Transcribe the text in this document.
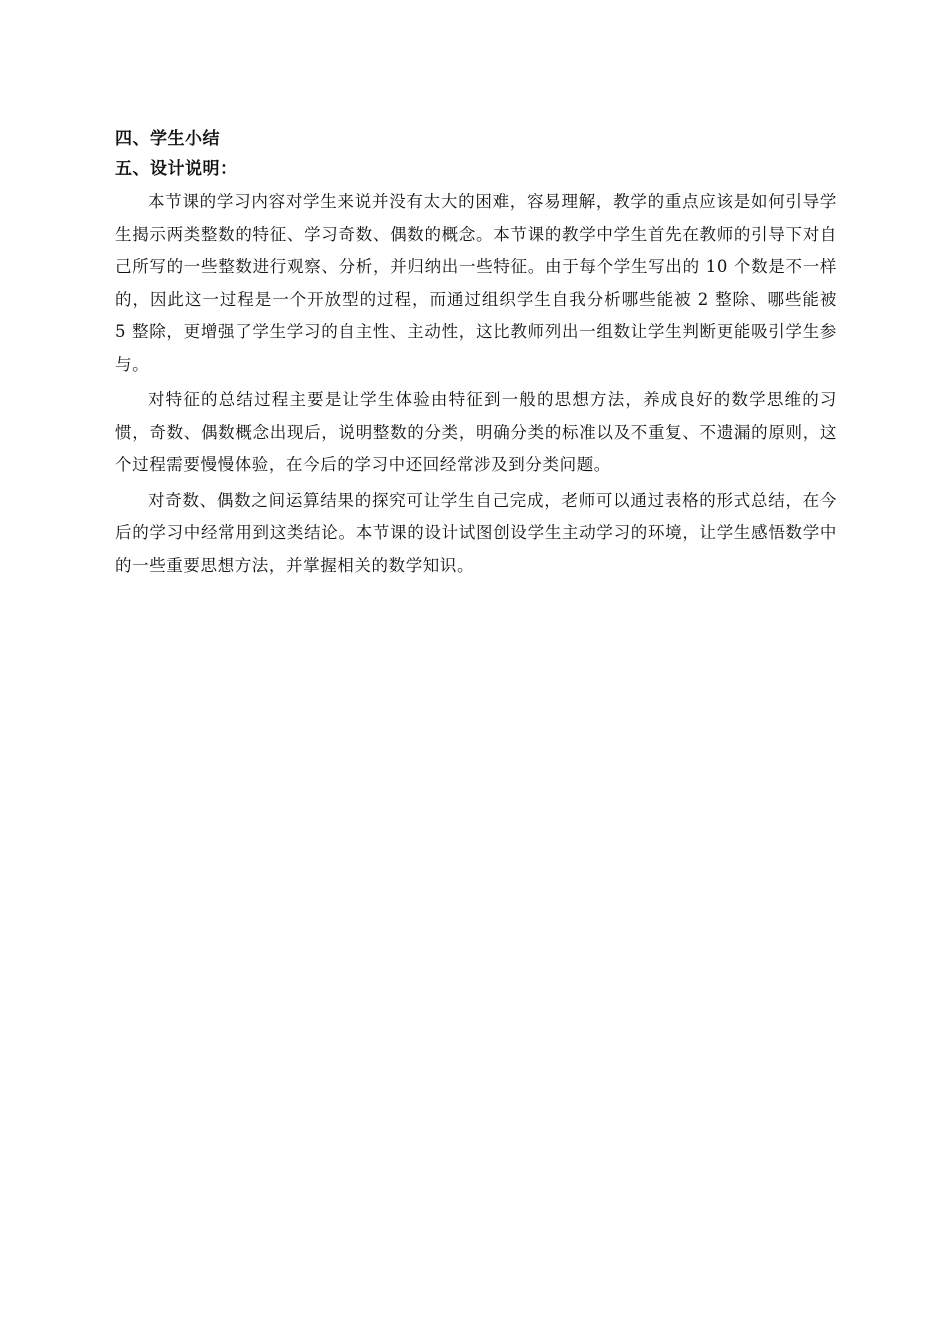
四、学生小结

五、设计说明：

本节课的学习内容对学生来说并没有太大的困难，容易理解，教学的重点应该是如何引导学生揭示两类整数的特征、学习奇数、偶数的概念。本节课的教学中学生首先在教师的引导下对自己所写的一些整数进行观察、分析，并归纳出一些特征。由于每个学生写出的 10 个数是不一样的，因此这一过程是一个开放型的过程，而通过组织学生自我分析哪些能被 2 整除、哪些能被 5 整除，更增强了学生学习的自主性、主动性，这比教师列出一组数让学生判断更能吸引学生参与。

对特征的总结过程主要是让学生体验由特征到一般的思想方法，养成良好的数学思维的习惯，奇数、偶数概念出现后，说明整数的分类，明确分类的标准以及不重复、不遗漏的原则，这个过程需要慢慢体验，在今后的学习中还回经常涉及到分类问题。

对奇数、偶数之间运算结果的探究可让学生自己完成，老师可以通过表格的形式总结，在今后的学习中经常用到这类结论。本节课的设计试图创设学生主动学习的环境，让学生感悟数学中的一些重要思想方法，并掌握相关的数学知识。
